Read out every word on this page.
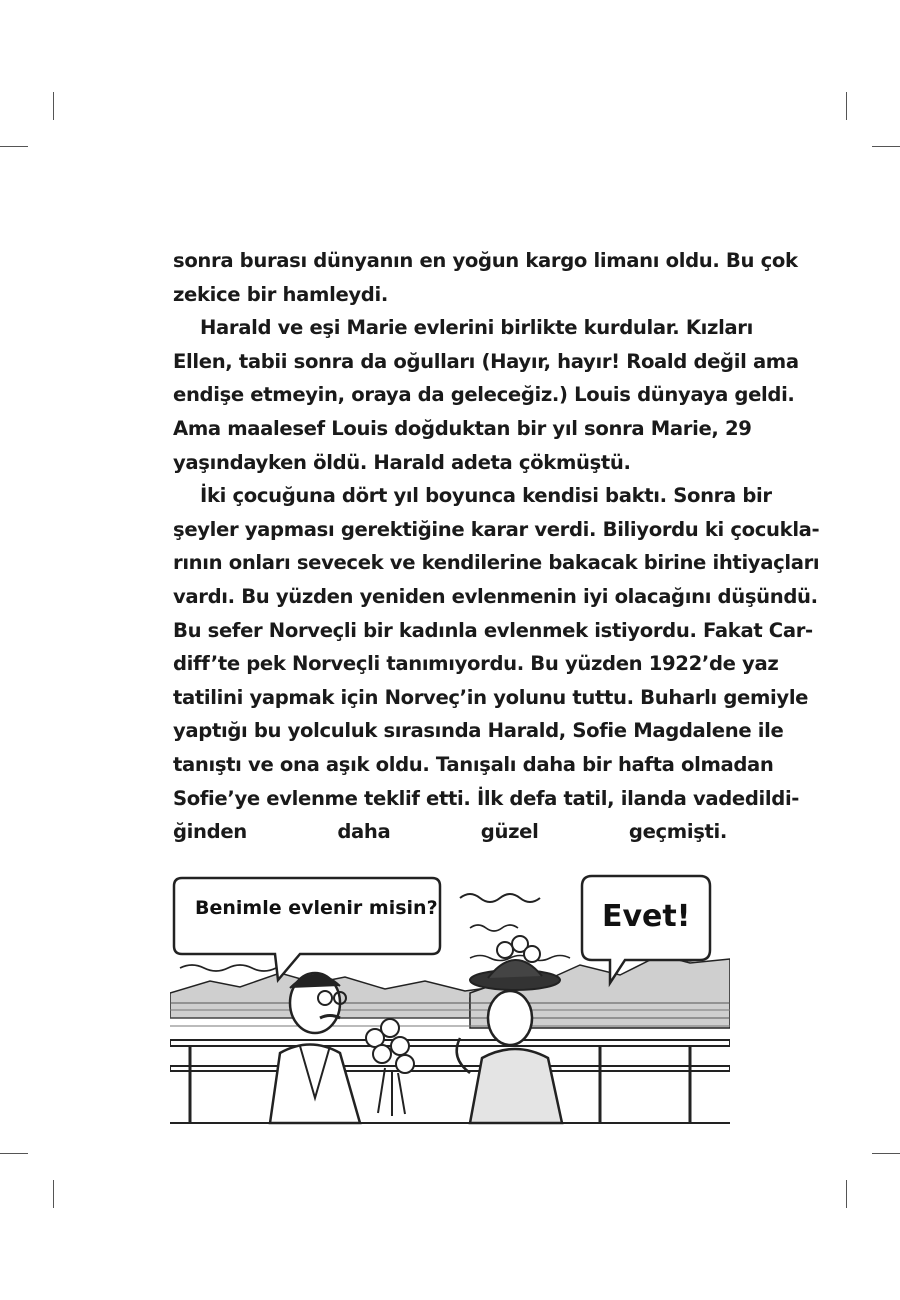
sonra burası dünyanın en yoğun kargo limanı oldu. Bu çok
zekice bir hamleydi.
Harald ve eşi Marie evlerini birlikte kurdular. Kızları
Ellen, tabii sonra da oğulları (Hayır, hayır! Roald değil ama
endişe etmeyin, oraya da geleceğiz.) Louis dünyaya geldi.
Ama maalesef Louis doğduktan bir yıl sonra Marie, 29
yaşındayken öldü. Harald adeta çökmüştü.
İki çocuğuna dört yıl boyunca kendisi baktı. Sonra bir
şeyler yapması gerektiğine karar verdi. Biliyordu ki çocukla-
rının onları sevecek ve kendilerine bakacak birine ihtiyaçları
vardı. Bu yüzden yeniden evlenmenin iyi olacağını düşündü.
Bu sefer Norveçli bir kadınla evlenmek istiyordu. Fakat Car-
diff’te pek Norveçli tanımıyordu. Bu yüzden 1922’de yaz
tatilini yapmak için Norveç’in yolunu tuttu. Buharlı gemiyle
yaptığı bu yolculuk sırasında Harald, Sofie Magdalene ile
tanıştı ve ona aşık oldu. Tanışalı daha bir hafta olmadan
Sofie’ye evlenme teklif etti. İlk defa tatil, ilanda vadedildi-
ğinden daha güzel geçmişti.
Benimle evlenir misin?	Evet!
